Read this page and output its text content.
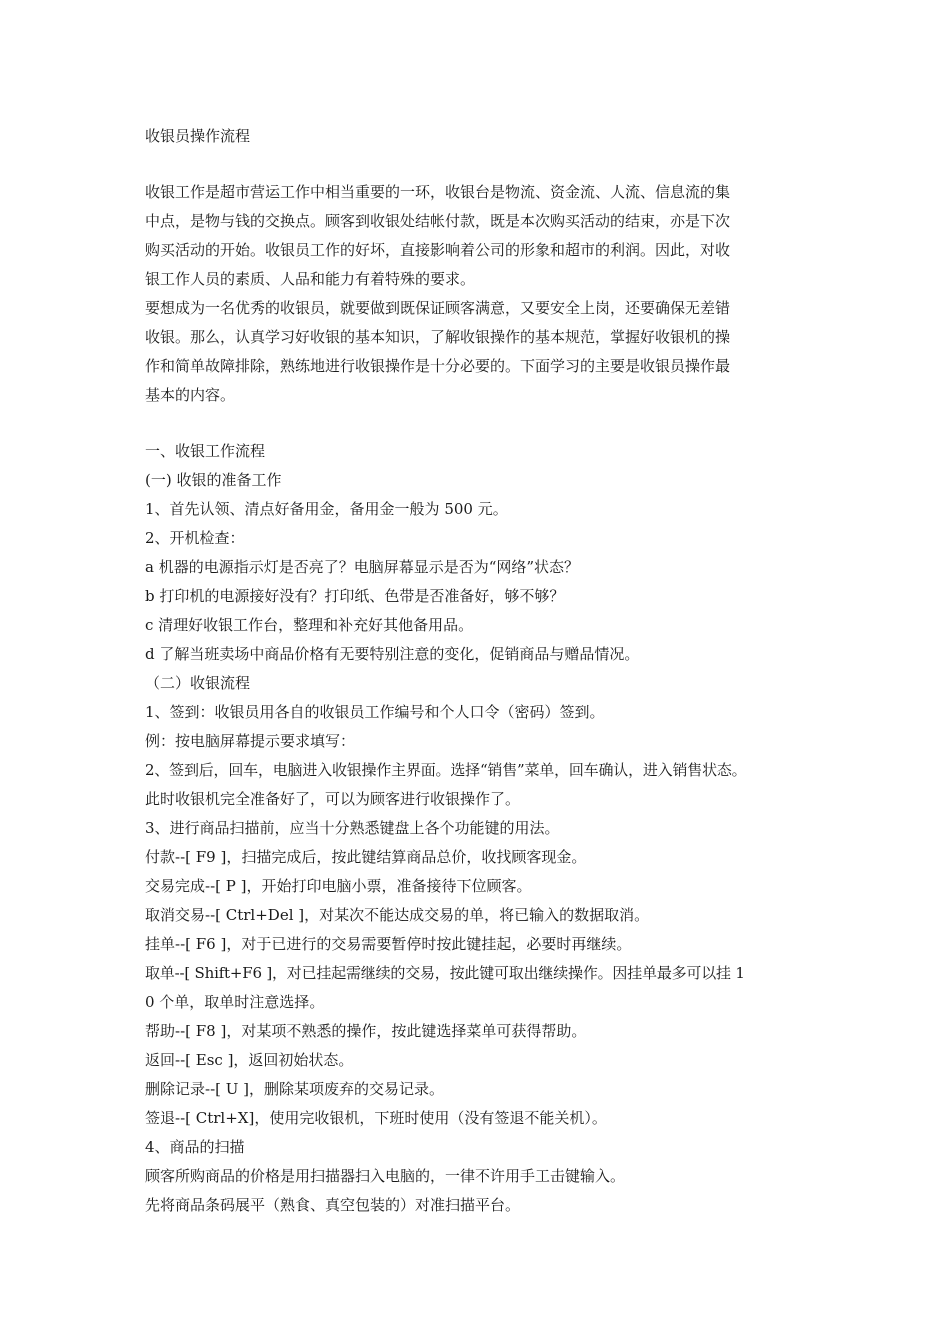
收银员操作流程

收银工作是超市营运工作中相当重要的一环，收银台是物流、资金流、人流、信息流的集

中点，是物与钱的交换点。顾客到收银处结帐付款，既是本次购买活动的结束，亦是下次

购买活动的开始。收银员工作的好坏，直接影响着公司的形象和超市的利润。因此，对收

银工作人员的素质、人品和能力有着特殊的要求。

要想成为一名优秀的收银员，就要做到既保证顾客满意，又要安全上岗，还要确保无差错

收银。那么，认真学习好收银的基本知识，了解收银操作的基本规范，掌握好收银机的操

作和简单故障排除，熟练地进行收银操作是十分必要的。下面学习的主要是收银员操作最

基本的内容。

一、收银工作流程

(一) 收银的准备工作

1、首先认领、清点好备用金，备用金一般为 500 元。

2、开机检查：

a 机器的电源指示灯是否亮了？电脑屏幕显示是否为“网络”状态？

b 打印机的电源接好没有？打印纸、色带是否准备好，够不够？

c 清理好收银工作台，整理和补充好其他备用品。

d 了解当班卖场中商品价格有无要特别注意的变化，促销商品与赠品情况。

（二）收银流程

1、签到：收银员用各自的收银员工作编号和个人口令（密码）签到。

例：按电脑屏幕提示要求填写：

2、签到后，回车，电脑进入收银操作主界面。选择“销售”菜单，回车确认，进入销售状态。

此时收银机完全准备好了，可以为顾客进行收银操作了。

3、进行商品扫描前，应当十分熟悉键盘上各个功能键的用法。

付款--[ F9 ]，扫描完成后，按此键结算商品总价，收找顾客现金。

交易完成--[ P ]，开始打印电脑小票，准备接待下位顾客。

取消交易--[ Ctrl+Del ]，对某次不能达成交易的单，将已输入的数据取消。

挂单--[ F6 ]，对于已进行的交易需要暂停时按此键挂起，必要时再继续。

取单--[ Shift+F6 ]，对已挂起需继续的交易，按此键可取出继续操作。因挂单最多可以挂 1

0 个单，取单时注意选择。

帮助--[ F8 ]，对某项不熟悉的操作，按此键选择菜单可获得帮助。

返回--[ Esc ]，返回初始状态。

删除记录--[ U ]，删除某项废弃的交易记录。

签退--[ Ctrl+X]，使用完收银机，下班时使用（没有签退不能关机）。

4、商品的扫描

顾客所购商品的价格是用扫描器扫入电脑的，一律不许用手工击键输入。

先将商品条码展平（熟食、真空包装的）对准扫描平台。
